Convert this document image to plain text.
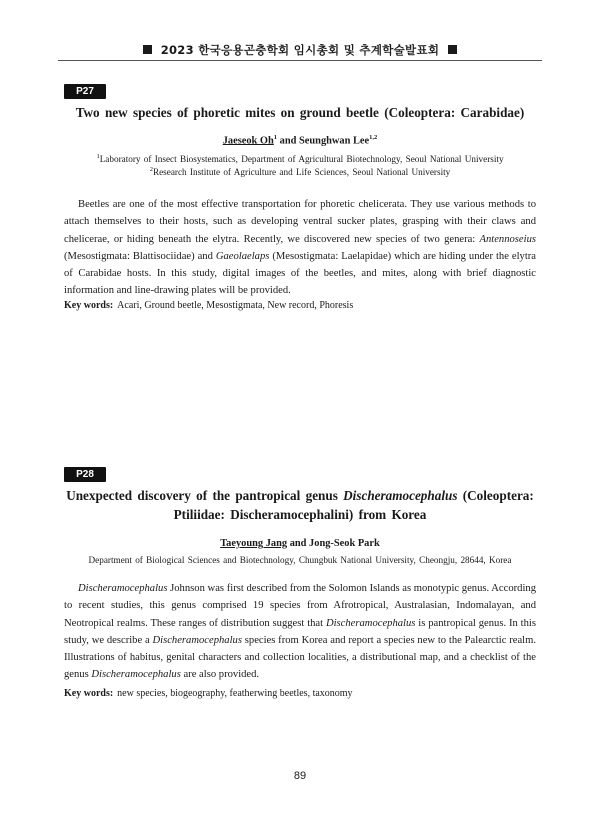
2023 한국응용곤충학회 임시총회 및 추계학술발표회
P27
Two new species of phoretic mites on ground beetle (Coleoptera: Carabidae)
Jaeseok Oh$^1$ and Seunghwan Lee$^{1,2}$
$^1$Laboratory of Insect Biosystematics, Department of Agricultural Biotechnology, Seoul National University
$^2$Research Institute of Agriculture and Life Sciences, Seoul National University

Beetles are one of the most effective transportation for phoretic chelicerata. They use various methods to attach themselves to their hosts, such as developing ventral sucker plates, grasping with their claws and chelicerae, or hiding beneath the elytra. Recently, we discovered new species of two genera: Antennoseius (Mesostigmata: Blattisociidae) and Gaeolaelaps (Mesostigmata: Laelapidae) which are hiding under the elytra of Carabidae hosts. In this study, digital images of the beetles, and mites, along with brief diagnostic information and line-drawing plates will be provided.

Key words: Acari, Ground beetle, Mesostigmata, New record, Phoresis
P28
Unexpected discovery of the pantropical genus Discheramocephalus (Coleoptera:
Ptiliidae: Discheramocephalini) from Korea
Taeyoung Jang and Jong-Seok Park
Department of Biological Sciences and Biotechnology, Chungbuk National University, Cheongju, 28644, Korea

Discheramocephalus Johnson was first described from the Solomon Islands as monotypic genus. According to recent studies, this genus comprised 19 species from Afrotropical, Australasian, Indomalayan, and Neotropical realms. These ranges of distribution suggest that Discheramocephalus is pantropical genus. In this study, we describe a Discheramocephalus species from Korea and report a species new to the Palearctic realm. Illustrations of habitus, genital characters and collection localities, a distributional map, and a checklist of the genus Discheramocephalus are also provided.

Key words: new species, biogeography, featherwing beetles, taxonomy
89
